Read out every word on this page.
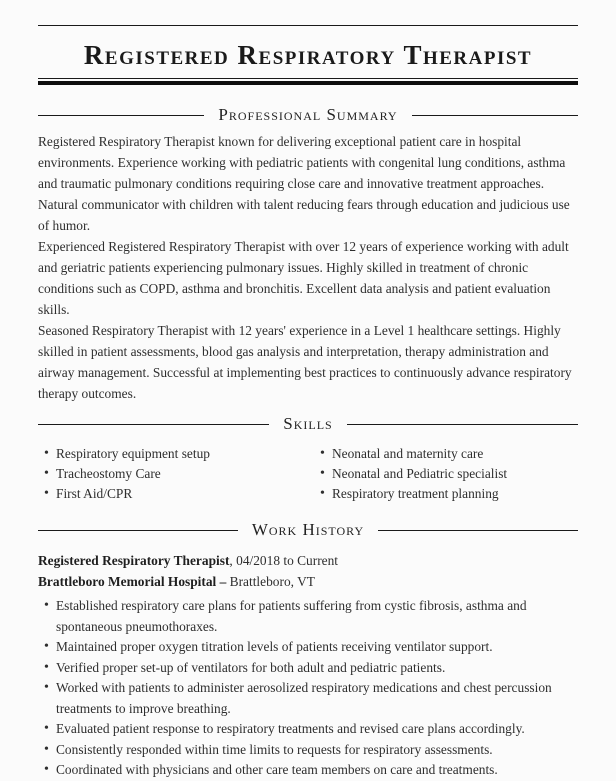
Registered Respiratory Therapist
Professional Summary

Registered Respiratory Therapist known for delivering exceptional patient care in hospital environments. Experience working with pediatric patients with congenital lung conditions, asthma and traumatic pulmonary conditions requiring close care and innovative treatment approaches. Natural communicator with children with talent reducing fears through education and judicious use of humor.

Experienced Registered Respiratory Therapist with over 12 years of experience working with adult and geriatric patients experiencing pulmonary issues. Highly skilled in treatment of chronic conditions such as COPD, asthma and bronchitis. Excellent data analysis and patient evaluation skills.

Seasoned Respiratory Therapist with 12 years' experience in a Level 1 healthcare settings. Highly skilled in patient assessments, blood gas analysis and interpretation, therapy administration and airway management. Successful at implementing best practices to continuously advance respiratory therapy outcomes.

Skills
• Respiratory equipment setup
• Tracheostomy Care
• First Aid/CPR
• Neonatal and maternity care
• Neonatal and Pediatric specialist
• Respiratory treatment planning
Work History

Registered Respiratory Therapist, 04/2018 to Current

Brattleboro Memorial Hospital – Brattleboro, VT

• Established respiratory care plans for patients suffering from cystic fibrosis, asthma and spontaneous pneumothoraxes.
• Maintained proper oxygen titration levels of patients receiving ventilator support.
• Verified proper set-up of ventilators for both adult and pediatric patients.
• Worked with patients to administer aerosolized respiratory medications and chest percussion treatments to improve breathing.
• Evaluated patient response to respiratory treatments and revised care plans accordingly.
• Consistently responded within time limits to requests for respiratory assessments.
• Coordinated with physicians and other care team members on care and treatments.
